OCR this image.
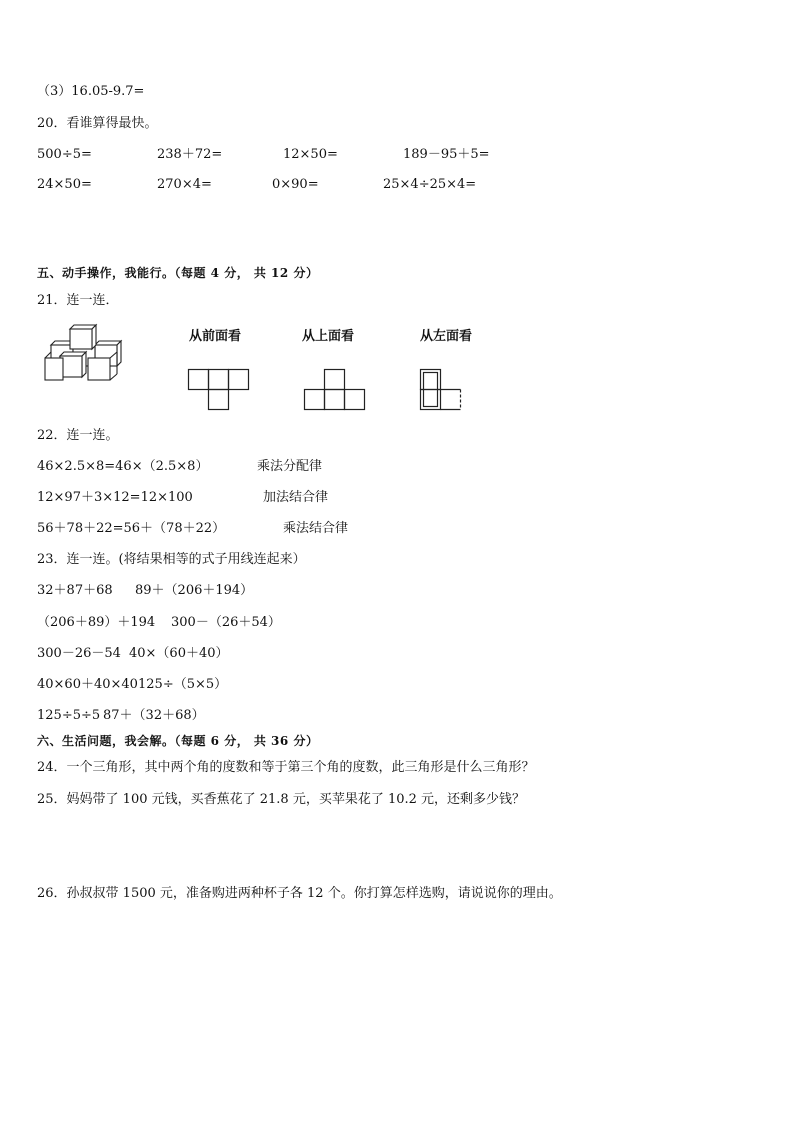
（3）16.05-9.7=
20．看谁算得最快。
500÷5=	238＋72=	12×50=	189－95＋5=
24×50=	270×4=	0×90=	25×4÷25×4=
五、动手操作，我能行。（每题 4 分， 共 12 分）
21．连一连．
从前面看	从上面看	从左面看
22．连一连。
46×2.5×8=46×（2.5×8）	乘法分配律
12×97＋3×12=12×100	加法结合律
56＋78＋22=56＋（78＋22）	乘法结合律
23．连一连。(将结果相等的式子用线连起来）
32＋87＋68 89＋（206＋194）
（206＋89）＋194 300－（26＋54）
300－26－54 40×（60＋40）
40×60＋40×40 125÷（5×5）
125÷5÷5 87＋（32＋68）
六、生活问题，我会解。（每题 6 分， 共 36 分）
24．一个三角形，其中两个角的度数和等于第三个角的度数，此三角形是什么三角形？
25．妈妈带了 100 元钱，买香蕉花了 21.8 元，买苹果花了 10.2 元，还剩多少钱？
26．孙叔叔带 1500 元，准备购进两种杯子各 12 个。你打算怎样选购，请说说你的理由。
